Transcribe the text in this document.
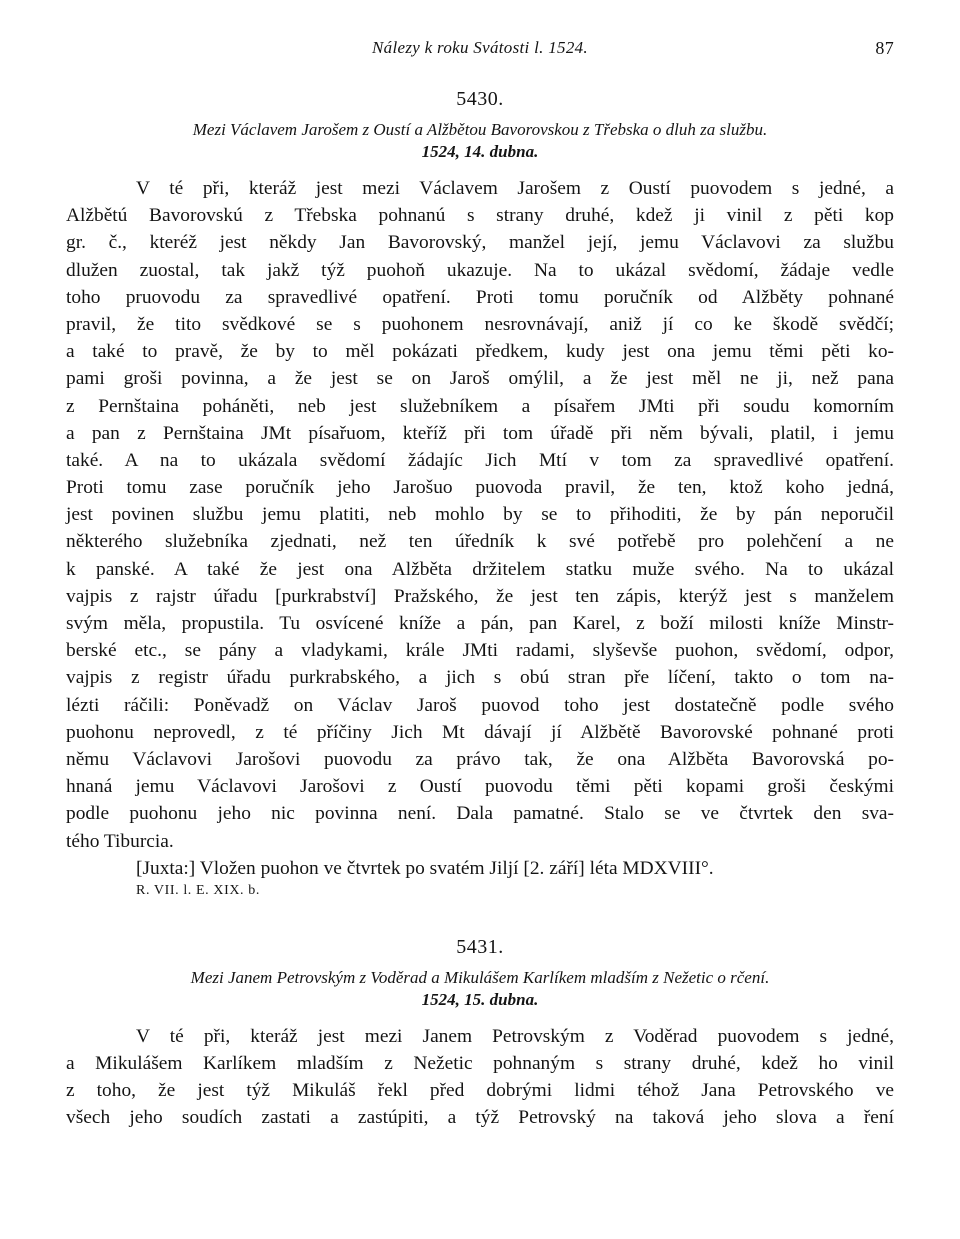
Nálezy k roku Svátosti l. 1524.	87
5430.
Mezi Václavem Jarošem z Oustí a Alžbětou Bavorovskou z Třebska o dluh za službu.
1524, 14. dubna.
V té při, kteráž jest mezi Václavem Jarošem z Oustí puovodem s jedné, a
Alžbětú Bavorovskú z Třebska pohnanú s strany druhé, kdež ji vinil z pěti kop
gr. č., kteréž jest někdy Jan Bavorovský, manžel její, jemu Václavovi za službu
dlužen zuostal, tak jakž týž puohoň ukazuje. Na to ukázal svědomí, žádaje vedle
toho pruovodu za spravedlivé opatření. Proti tomu poručník od Alžběty pohnané
pravil, že tito svědkové se s puohonem nesrovnávají, aniž jí co ke škodě svědčí;
a také to pravě, že by to měl pokázati předkem, kudy jest ona jemu těmi pěti ko-
pami groši povinna, a že jest se on Jaroš omýlil, a že jest měl ne ji, než pana
z Pernštaina poháněti, neb jest služebníkem a písařem JMti při soudu komorním
a pan z Pernštaina JMt písařuom, kteříž při tom úřadě při něm bývali, platil, i jemu
také. A na to ukázala svědomí žádajíc Jich Mtí v tom za spravedlivé opatření.
Proti tomu zase poručník jeho Jarošuo puovoda pravil, že ten, ktož koho jedná,
jest povinen službu jemu platiti, neb mohlo by se to přihoditi, že by pán neporučil
některého služebníka zjednati, než ten úředník k své potřebě pro polehčení a ne
k panské. A také že jest ona Alžběta držitelem statku muže svého. Na to ukázal
vajpis z rajstr úřadu [purkrabství] Pražského, že jest ten zápis, kterýž jest s manželem
svým měla, propustila. Tu osvícené kníže a pán, pan Karel, z boží milosti kníže Minstr-
berské etc., se pány a vladykami, krále JMti radami, slyševše puohon, svědomí, odpor,
vajpis z registr úřadu purkrabského, a jich s obú stran pře líčení, takto o tom na-
lézti ráčili: Poněvadž on Václav Jaroš puovod toho jest dostatečně podle svého
puohonu neprovedl, z té příčiny Jich Mt dávají jí Alžbětě Bavorovské pohnané proti
němu Václavovi Jarošovi puovodu za právo tak, že ona Alžběta Bavorovská po-
hnaná jemu Václavovi Jarošovi z Oustí puovodu těmi pěti kopami groši českými
podle puohonu jeho nic povinna není. Dala pamatné. Stalo se ve čtvrtek den sva-
tého Tiburcia.
[Juxta:] Vložen puohon ve čtvrtek po svatém Jiljí [2. září] léta MDXVIII°.
R. VII. l. E. XIX. b.
5431.
Mezi Janem Petrovským z Voděrad a Mikulášem Karlíkem mladším z Nežetic o rčení.
1524, 15. dubna.
V té při, kteráž jest mezi Janem Petrovským z Voděrad puovodem s jedné,
a Mikulášem Karlíkem mladším z Nežetic pohnaným s strany druhé, kdež ho vinil
z toho, že jest týž Mikuláš řekl před dobrými lidmi téhož Jana Petrovského ve
všech jeho soudích zastati a zastúpiti, a týž Petrovský na taková jeho slova a ření
